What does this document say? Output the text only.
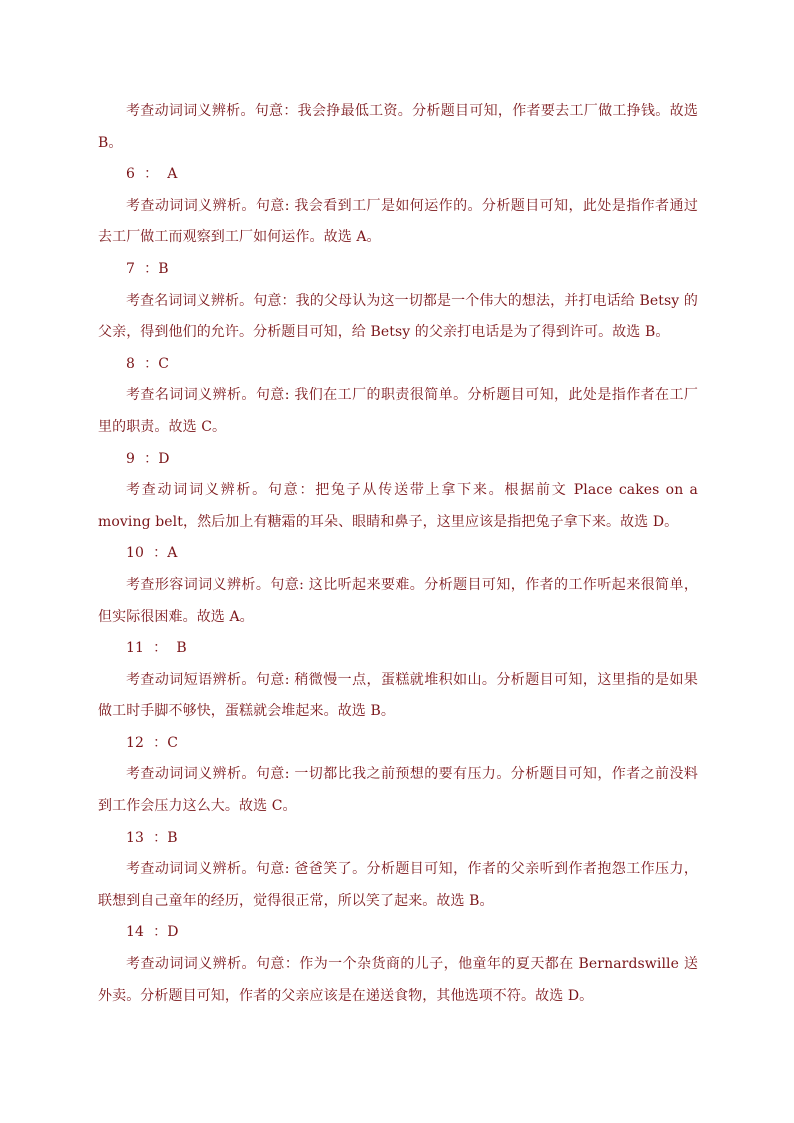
考查动词词义辨析。句意：我会挣最低工资。分析题目可知，作者要去工厂做工挣钱。故选 B。

6  ：  A

考查动词词义辨析。句意: 我会看到工厂是如何运作的。分析题目可知，此处是指作者通过去工厂做工而观察到工厂如何运作。故选 A。

7  ：B

考查名词词义辨析。句意：我的父母认为这一切都是一个伟大的想法，并打电话给 Betsy 的父亲，得到他们的允许。分析题目可知，给 Betsy 的父亲打电话是为了得到许可。故选 B。

8  ：C

考查名词词义辨析。句意: 我们在工厂的职责很简单。分析题目可知，此处是指作者在工厂里的职责。故选 C。

9  ：D

考查动词词义辨析。句意：把兔子从传送带上拿下来。根据前文 Place cakes on a moving belt，然后加上有糖霜的耳朵、眼睛和鼻子，这里应该是指把兔子拿下来。故选 D。

10  ：A

考查形容词词义辨析。句意: 这比听起来要难。分析题目可知，作者的工作听起来很简单，但实际很困难。故选 A。

11  ：  B

考查动词短语辨析。句意: 稍微慢一点，蛋糕就堆积如山。分析题目可知，这里指的是如果做工时手脚不够快，蛋糕就会堆起来。故选 B。

12  ：C

考查动词词义辨析。句意: 一切都比我之前预想的要有压力。分析题目可知，作者之前没料到工作会压力这么大。故选 C。

13  ：B

考查动词词义辨析。句意: 爸爸笑了。分析题目可知，作者的父亲听到作者抱怨工作压力，联想到自己童年的经历，觉得很正常，所以笑了起来。故选 B。

14  ：D

考查动词词义辨析。句意：作为一个杂货商的儿子，他童年的夏天都在 Bernardswille 送外卖。分析题目可知，作者的父亲应该是在递送食物，其他选项不符。故选 D。
